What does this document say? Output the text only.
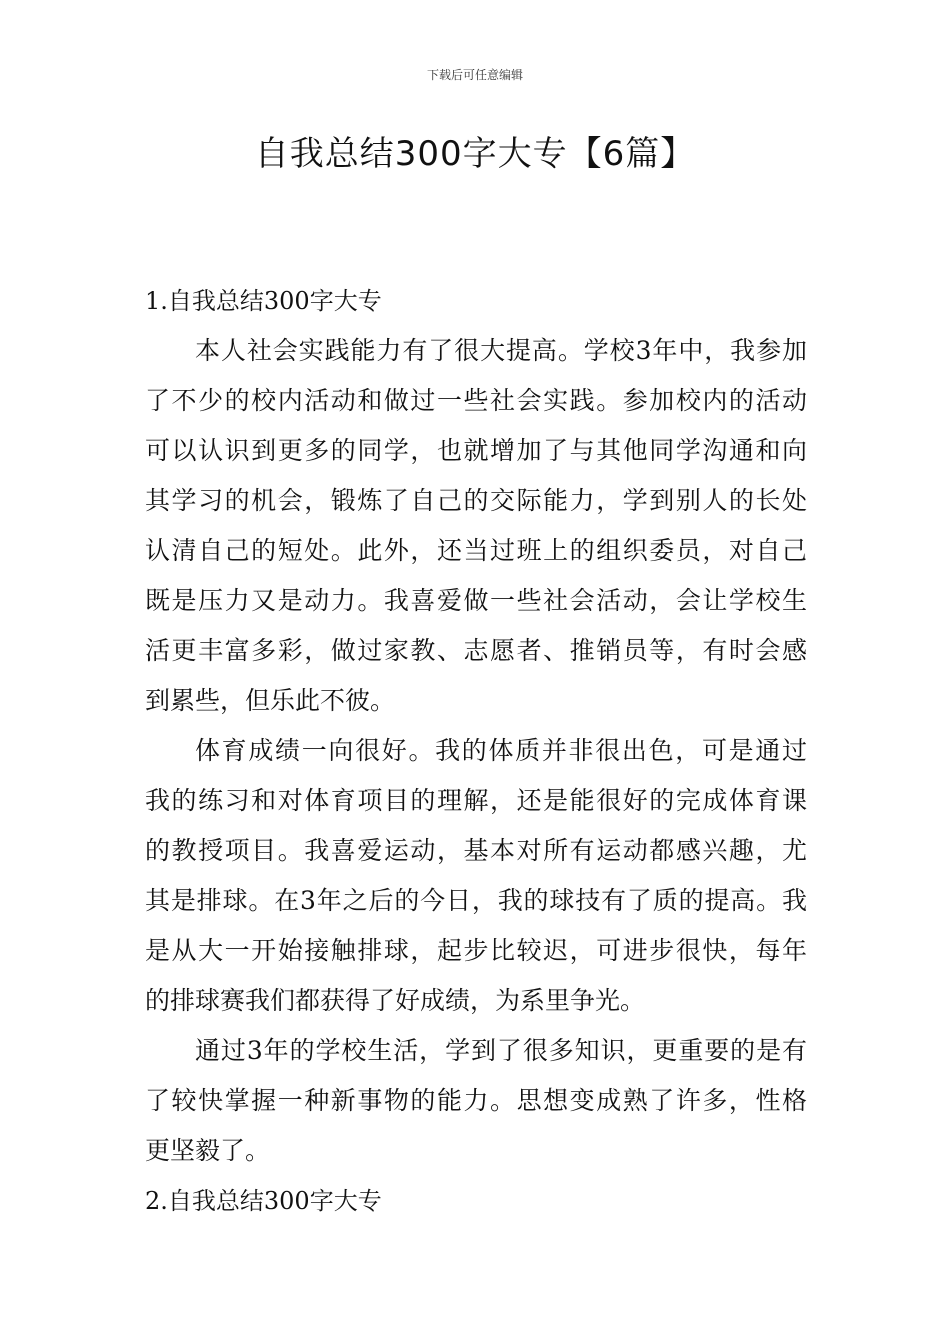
下载后可任意编辑
自我总结300字大专【6篇】
1.自我总结300字大专
本人社会实践能力有了很大提高。学校3年中，我参加
了不少的校内活动和做过一些社会实践。参加校内的活动
可以认识到更多的同学，也就增加了与其他同学沟通和向
其学习的机会，锻炼了自己的交际能力，学到别人的长处
认清自己的短处。此外，还当过班上的组织委员，对自己
既是压力又是动力。我喜爱做一些社会活动，会让学校生
活更丰富多彩，做过家教、志愿者、推销员等，有时会感
到累些，但乐此不彼。
体育成绩一向很好。我的体质并非很出色，可是通过
我的练习和对体育项目的理解，还是能很好的完成体育课
的教授项目。我喜爱运动，基本对所有运动都感兴趣，尤
其是排球。在3年之后的今日，我的球技有了质的提高。我
是从大一开始接触排球，起步比较迟，可进步很快，每年
的排球赛我们都获得了好成绩，为系里争光。
通过3年的学校生活，学到了很多知识，更重要的是有
了较快掌握一种新事物的能力。思想变成熟了许多，性格
更坚毅了。
2.自我总结300字大专
